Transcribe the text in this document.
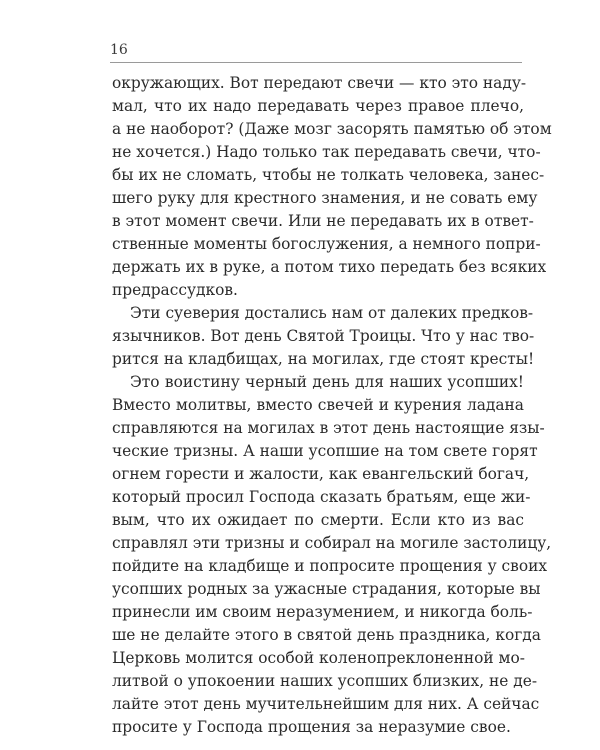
16
окружающих. Вот передают свечи — кто это наду-
мал, что их надо передавать через правое плечо,
а не наоборот? (Даже мозг засорять памятью об этом
не хочется.) Надо только так передавать свечи, что-
бы их не сломать, чтобы не толкать человека, занес-
шего руку для крестного знамения, и не совать ему
в этот момент свечи. Или не передавать их в ответ-
ственные моменты богослужения, а немного попри-
держать их в руке, а потом тихо передать без всяких
предрассудков.
Эти суеверия достались нам от далеких предков-
язычников. Вот день Святой Троицы. Что у нас тво-
рится на кладбищах, на могилах, где стоят кресты!
Это воистину черный день для наших усопших!
Вместо молитвы, вместо свечей и курения ладана
справляются на могилах в этот день настоящие язы-
ческие тризны. А наши усопшие на том свете горят
огнем горести и жалости, как евангельский богач,
который просил Господа сказать братьям, еще жи-
вым, что их ожидает по смерти. Если кто из вас
справлял эти тризны и собирал на могиле застолицу,
пойдите на кладбище и попросите прощения у своих
усопших родных за ужасные страдания, которые вы
принесли им своим неразумением, и никогда боль-
ше не делайте этого в святой день праздника, когда
Церковь молится особой коленопреклоненной мо-
литвой о упокоении наших усопших близких, не де-
лайте этот день мучительнейшим для них. А сейчас
просите у Господа прощения за неразумие свое.
